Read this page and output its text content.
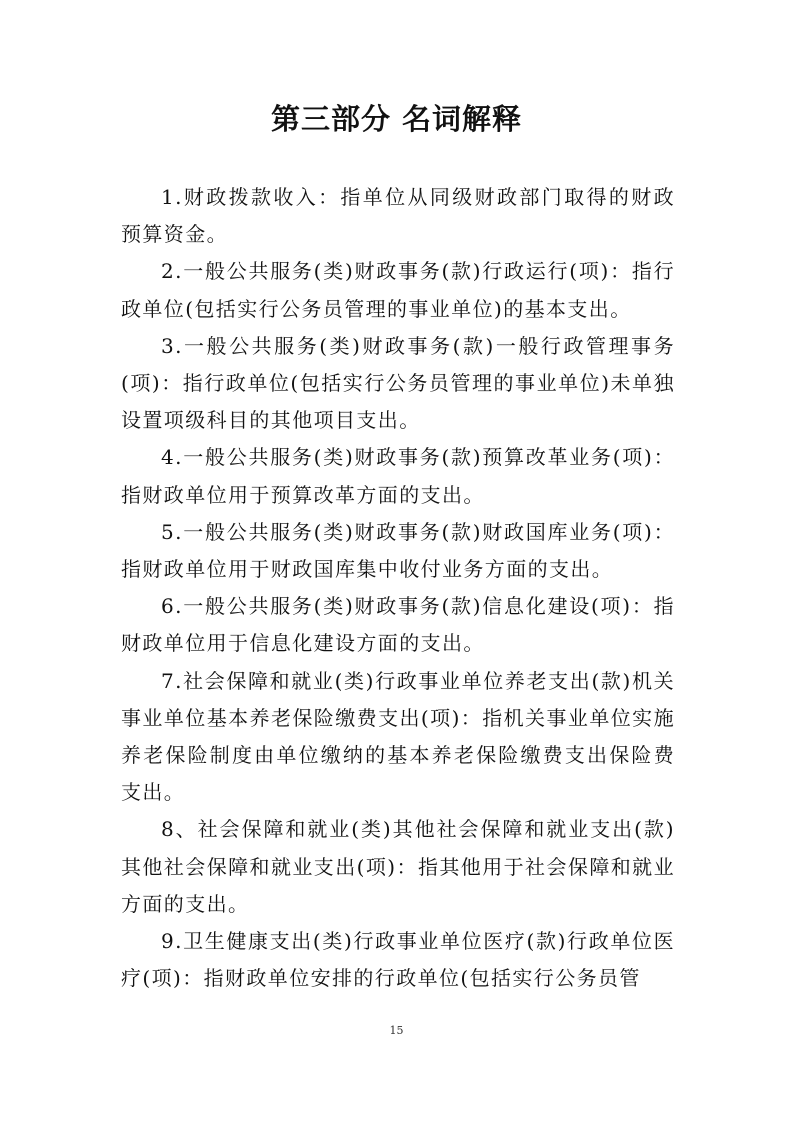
第三部分 名词解释

1.财政拨款收入：指单位从同级财政部门取得的财政预算资金。

2.一般公共服务(类)财政事务(款)行政运行(项)：指行政单位(包括实行公务员管理的事业单位)的基本支出。

3.一般公共服务(类)财政事务(款)一般行政管理事务(项)：指行政单位(包括实行公务员管理的事业单位)未单独设置项级科目的其他项目支出。

4.一般公共服务(类)财政事务(款)预算改革业务(项)：指财政单位用于预算改革方面的支出。

5.一般公共服务(类)财政事务(款)财政国库业务(项)：指财政单位用于财政国库集中收付业务方面的支出。

6.一般公共服务(类)财政事务(款)信息化建设(项)：指财政单位用于信息化建设方面的支出。

7.社会保障和就业(类)行政事业单位养老支出(款)机关事业单位基本养老保险缴费支出(项)：指机关事业单位实施养老保险制度由单位缴纳的基本养老保险缴费支出保险费支出。

8、社会保障和就业(类)其他社会保障和就业支出(款)其他社会保障和就业支出(项)：指其他用于社会保障和就业方面的支出。

9.卫生健康支出(类)行政事业单位医疗(款)行政单位医疗(项)：指财政单位安排的行政单位(包括实行公务员管

15
